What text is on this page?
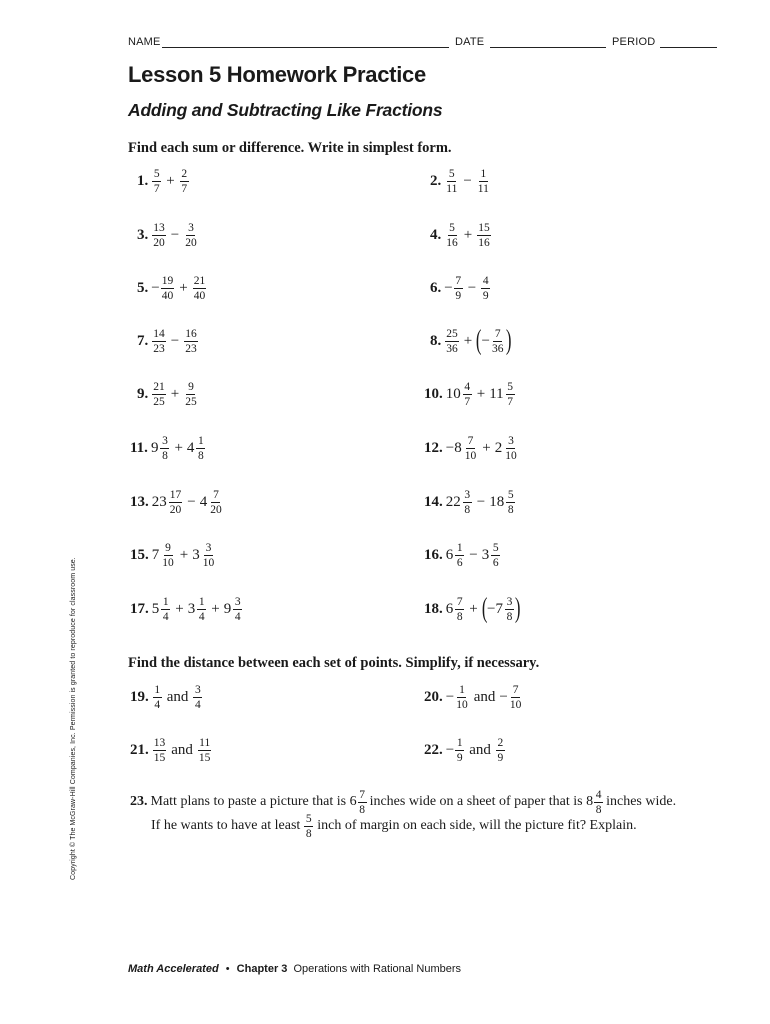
NAME	DATE	PERIOD
Lesson 5 Homework Practice
Adding and Subtracting Like Fractions
Find each sum or difference. Write in simplest form.
1. $\frac{5}{7} + \frac{2}{7}$	2. $\frac{5}{11} - \frac{1}{11}$
3. $\frac{13}{20} - \frac{3}{20}$	4. $\frac{5}{16} + \frac{15}{16}$
5. − $\frac{19}{40} + \frac{21}{40}$	6. − $\frac{7}{9} - \frac{4}{9}$
7. $\frac{14}{23} - \frac{16}{23}$	8. $\frac{25}{36}$ + ( − $\frac{7}{36}$ )
9. $\frac{21}{25} + \frac{9}{25}$	10. $10 \frac{4}{7} + 11 \frac{5}{7}$
11. $9 \frac{3}{8} + 4 \frac{1}{8}$	12. $-8 \frac{7}{10} + 2 \frac{3}{10}$
13. $23 \frac{17}{20} - 4 \frac{7}{20}$	14. $22 \frac{3}{8} - 18 \frac{5}{8}$
15. $7 \frac{9}{10} + 3 \frac{3}{10}$	16. $6 \frac{1}{6} - 3 \frac{5}{6}$
17. $5 \frac{1}{4} + 3 \frac{1}{4} + 9 \frac{3}{4}$	18. $6 \frac{7}{8}$ + ( $-7 \frac{3}{8}$ )
Find the distance between each set of points. Simplify, if necessary.
19. $\frac{1}{4}$ and $\frac{3}{4}$	20. − $\frac{1}{10}$ and − $\frac{7}{10}$
21. $\frac{13}{15}$ and $\frac{11}{15}$	22. − $\frac{1}{9}$ and $\frac{2}{9}$
23. Matt plans to paste a picture that is $6 \frac{7}{8}$ inches wide on a sheet of paper that is $8 \frac{4}{8}$ inches wide.
If he wants to have at least $\frac{5}{8}$ inch of margin on each side, will the picture fit? Explain.
Copyright © The McGraw-Hill Companies, Inc. Permission is granted to reproduce for classroom use.
Math Accelerated • Chapter 3 Operations with Rational Numbers
